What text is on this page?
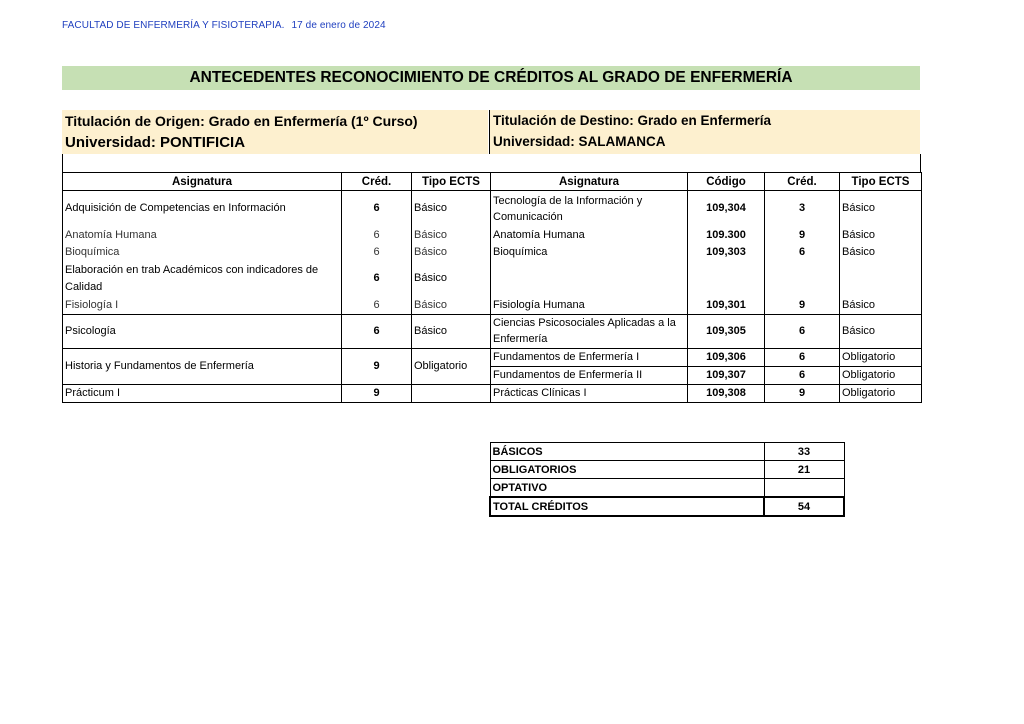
FACULTAD DE ENFERMERÍA Y FISIOTERAPIA. 17 de enero de 2024
ANTECEDENTES RECONOCIMIENTO DE CRÉDITOS AL GRADO DE ENFERMERÍA
Titulación de Origen: Grado en Enfermería (1º Curso)
Universidad: PONTIFICIA
Titulación de Destino: Grado en Enfermería
Universidad: SALAMANCA
Asignatura	Créd.	Tipo ECTS	Asignatura	Código	Créd.	Tipo ECTS
Adquisición de Competencias en Información	6	Básico	Tecnología de la Información y Comunicación	109,304	3	Básico
Anatomía Humana	6	Básico	Anatomía Humana	109.300	9	Básico
Bioquímica	6	Básico	Bioquímica	109,303	6	Básico
Elaboración en trab Académicos con indicadores de Calidad	6	Básico				
Fisiología I	6	Básico	Fisiología Humana	109,301	9	Básico
Psicología	6	Básico	Ciencias Psicosociales Aplicadas a la Enfermería	109,305	6	Básico
Historia y Fundamentos de Enfermería	9	Obligatorio	Fundamentos de Enfermería I	109,306	6	Obligatorio
			Fundamentos de Enfermería II	109,307	6	Obligatorio
Prácticum I	9		Prácticas Clínicas I	109,308	9	Obligatorio
BÁSICOS	33
OBLIGATORIOS	21
OPTATIVO	
TOTAL CRÉDITOS	54
